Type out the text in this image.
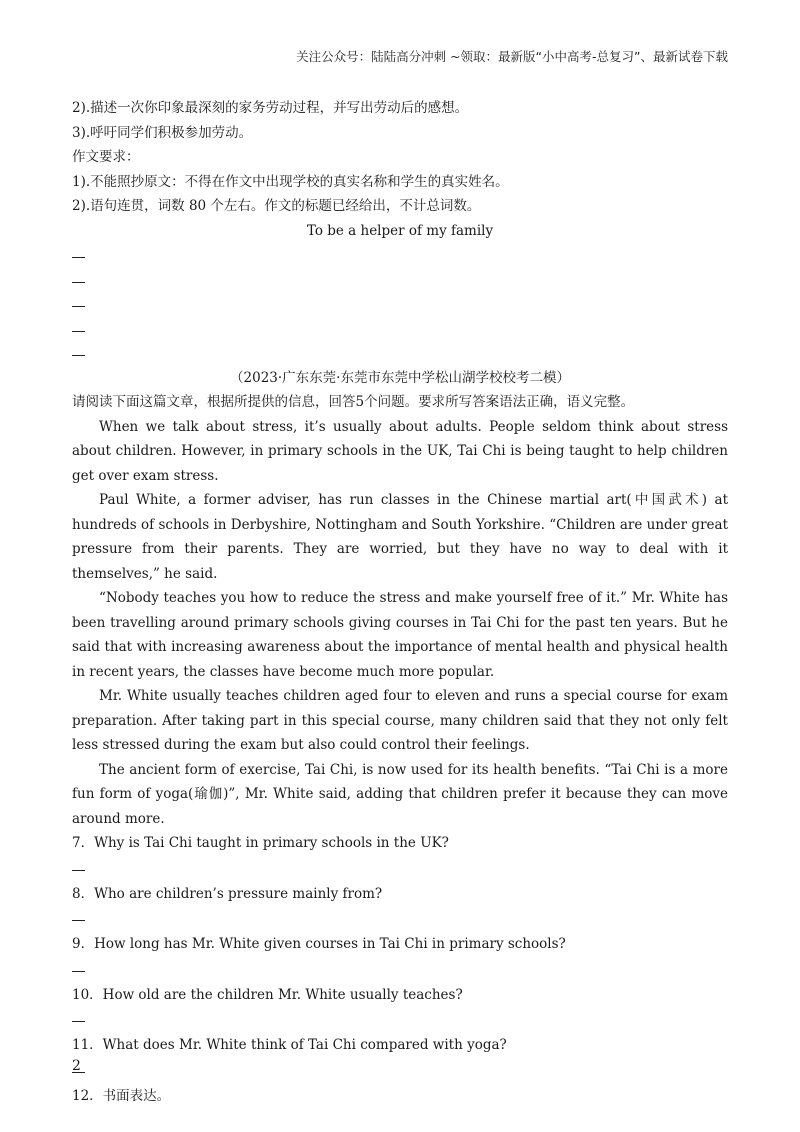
关注公众号：陆陆高分冲刺 ~领取：最新版“小中高考-总复习”、最新试卷下载

2).描述一次你印象最深刻的家务劳动过程，并写出劳动后的感想。

3).呼吁同学们积极参加劳动。

作文要求：

1).不能照抄原文：不得在作文中出现学校的真实名称和学生的真实姓名。

2).语句连贯，词数 80 个左右。作文的标题已经给出，不计总词数。

To be a helper of my family

（2023·广东东莞·东莞市东莞中学松山湖学校校考二模）

请阅读下面这篇文章，根据所提供的信息，回答5个问题。要求所写答案语法正确，语义完整。

When we talk about stress, it’s usually about adults. People seldom think about stress about children. However, in primary schools in the UK, Tai Chi is being taught to help children get over exam stress.

Paul White, a former adviser, has run classes in the Chinese martial art(中国武术) at hundreds of schools in Derbyshire, Nottingham and South Yorkshire. “Children are under great pressure from their parents. They are worried, but they have no way to deal with it themselves,” he said.

“Nobody teaches you how to reduce the stress and make yourself free of it.” Mr. White has been travelling around primary schools giving courses in Tai Chi for the past ten years. But he said that with increasing awareness about the importance of mental health and physical health in recent years, the classes have become much more popular.

Mr. White usually teaches children aged four to eleven and runs a special course for exam preparation. After taking part in this special course, many children said that they not only felt less stressed during the exam but also could control their feelings.

The ancient form of exercise, Tai Chi, is now used for its health benefits. “Tai Chi is a more fun form of yoga(瑜伽)”, Mr. White said, adding that children prefer it because they can move around more.

7．Why is Tai Chi taught in primary schools in the UK?

8．Who are children’s pressure mainly from?

9．How long has Mr. White given courses in Tai Chi in primary schools?

10．How old are the children Mr. White usually teaches?

11．What does Mr. White think of Tai Chi compared with yoga?

12．书面表达。

2
